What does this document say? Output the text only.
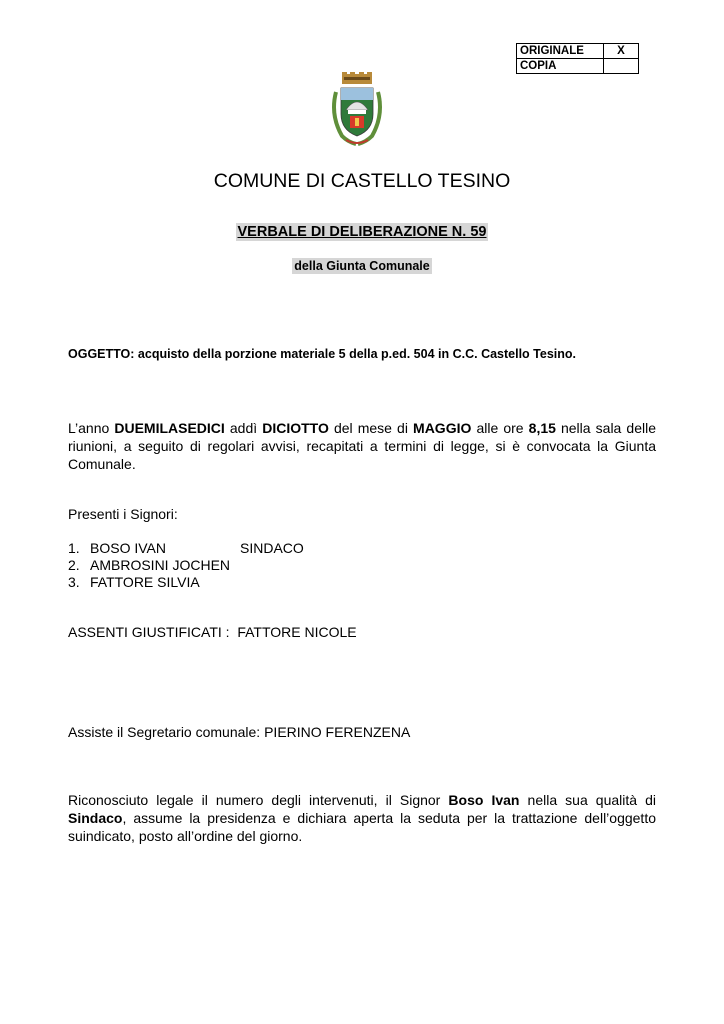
ORIGINALE	X
COPIA	
COMUNE DI CASTELLO TESINO
VERBALE DI DELIBERAZIONE N. 59
della Giunta Comunale
OGGETTO: acquisto della porzione materiale 5 della p.ed. 504 in C.C. Castello Tesino.
L’anno DUEMILASEDICI addì DICIOTTO del mese di MAGGIO alle ore 8,15 nella sala delle riunioni, a seguito di regolari avvisi, recapitati a termini di legge, si è convocata la Giunta Comunale.
Presenti i Signori:
1. BOSO IVAN	SINDACO
2. AMBROSINI JOCHEN
3. FATTORE SILVIA
ASSENTI GIUSTIFICATI :  FATTORE NICOLE
Assiste il Segretario comunale: PIERINO FERENZENA
Riconosciuto legale il numero degli intervenuti, il Signor Boso Ivan nella sua qualità di Sindaco, assume la presidenza e dichiara aperta la seduta per la trattazione dell’oggetto suindicato, posto all’ordine del giorno.
